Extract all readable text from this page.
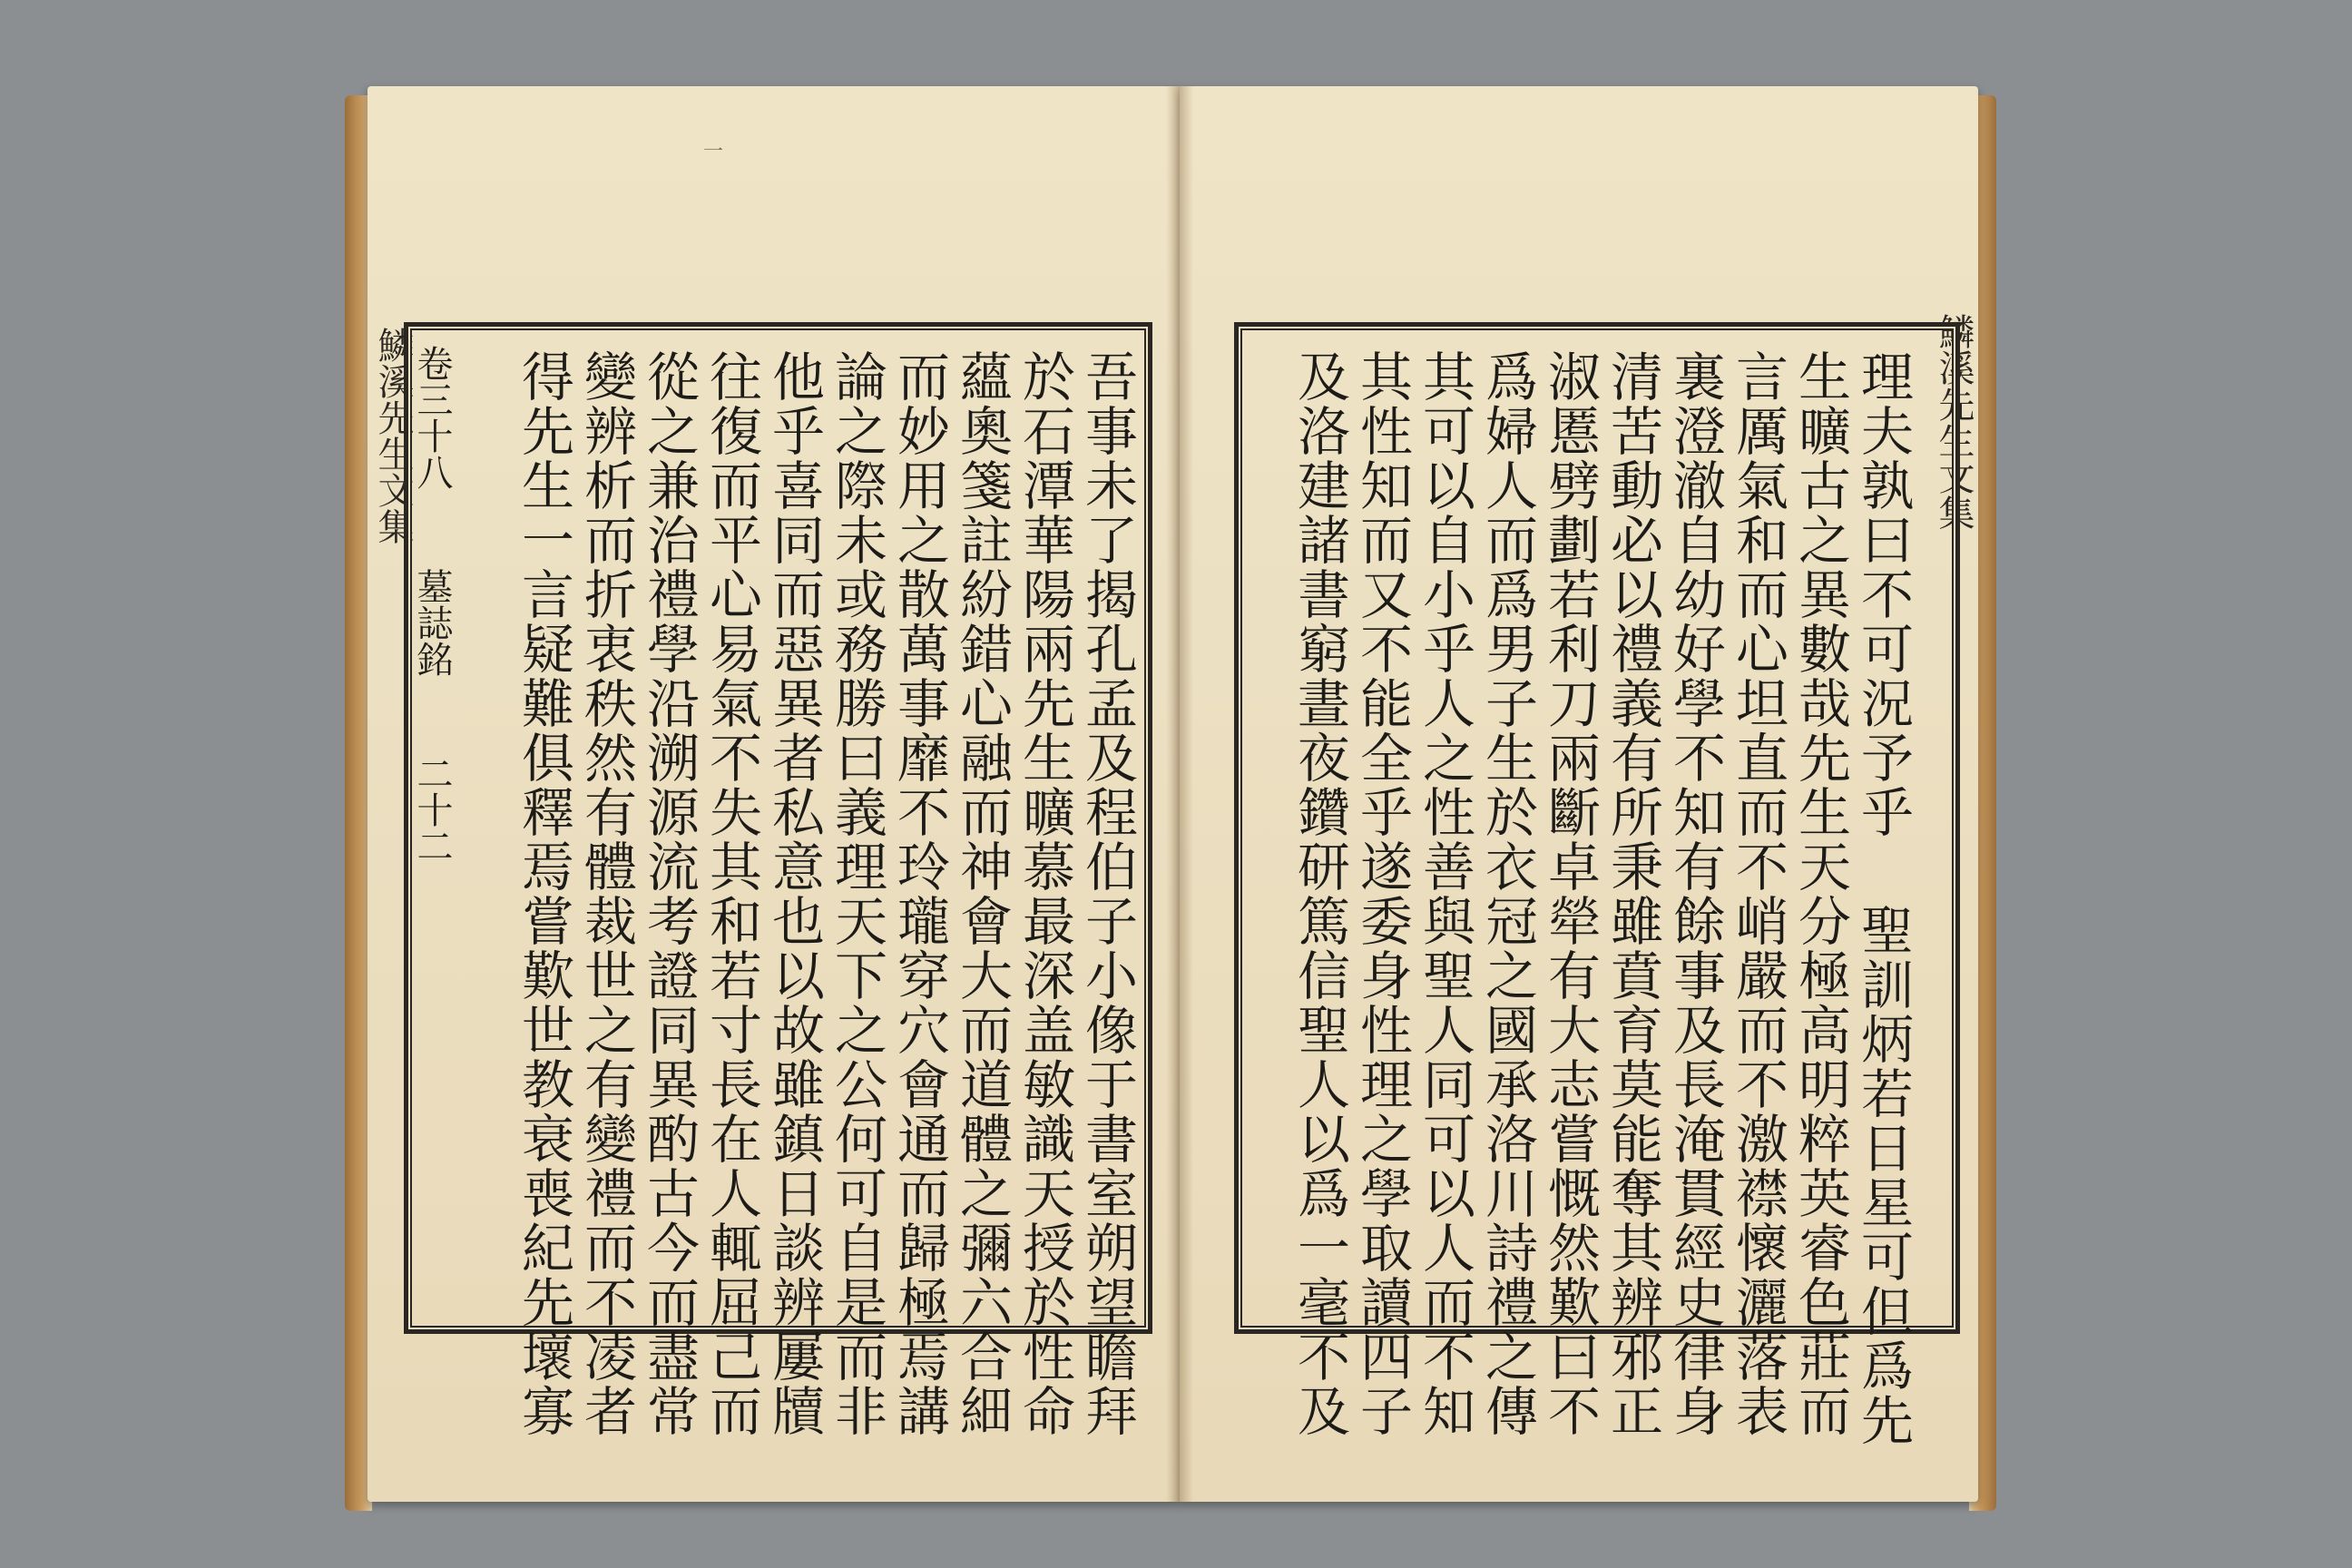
一
鱗溪先生文集
卷三十八　 墓誌銘　 二十二	吾事未了揭孔孟及程伯子小像于書室朔望瞻拜
於石潭華陽兩先生曠慕最深盖敏識天授於性命
蘊奧箋註紛錯心融而神會大而道體之彌六合細
而妙用之散萬事靡不玲瓏穿穴會通而歸極焉講
論之際未或務勝曰義理天下之公何可自是而非
他乎喜同而惡異者私意也以故雖鎮日談辨屢牘
往復而平心易氣不失其和若寸長在人輒屈己而
從之兼治禮學沿溯源流考證同異酌古今而盡常
變辨析而折衷秩然有體裁世之有變禮而不凌者
得先生一言疑難俱釋焉嘗歎世教衰喪紀先壞寡	鱗溪先生文集
理夫孰曰不可況予乎 聖訓炳若日星可但爲先
生曠古之異數哉先生天分極高明粹英睿色莊而
言厲氣和而心坦直而不峭嚴而不激襟懷灑落表
裏澄澈自幼好學不知有餘事及長淹貫經史律身
清苦動必以禮義有所秉雖賁育莫能奪其辨邪正
淑慝劈劃若利刀兩斷卓犖有大志嘗慨然歎曰不
爲婦人而爲男子生於衣冠之國承洛川詩禮之傳
其可以自小乎人之性善與聖人同可以人而不知
其性知而又不能全乎遂委身性理之學取讀四子
及洛建諸書窮晝夜鑽研篤信聖人以爲一毫不及
